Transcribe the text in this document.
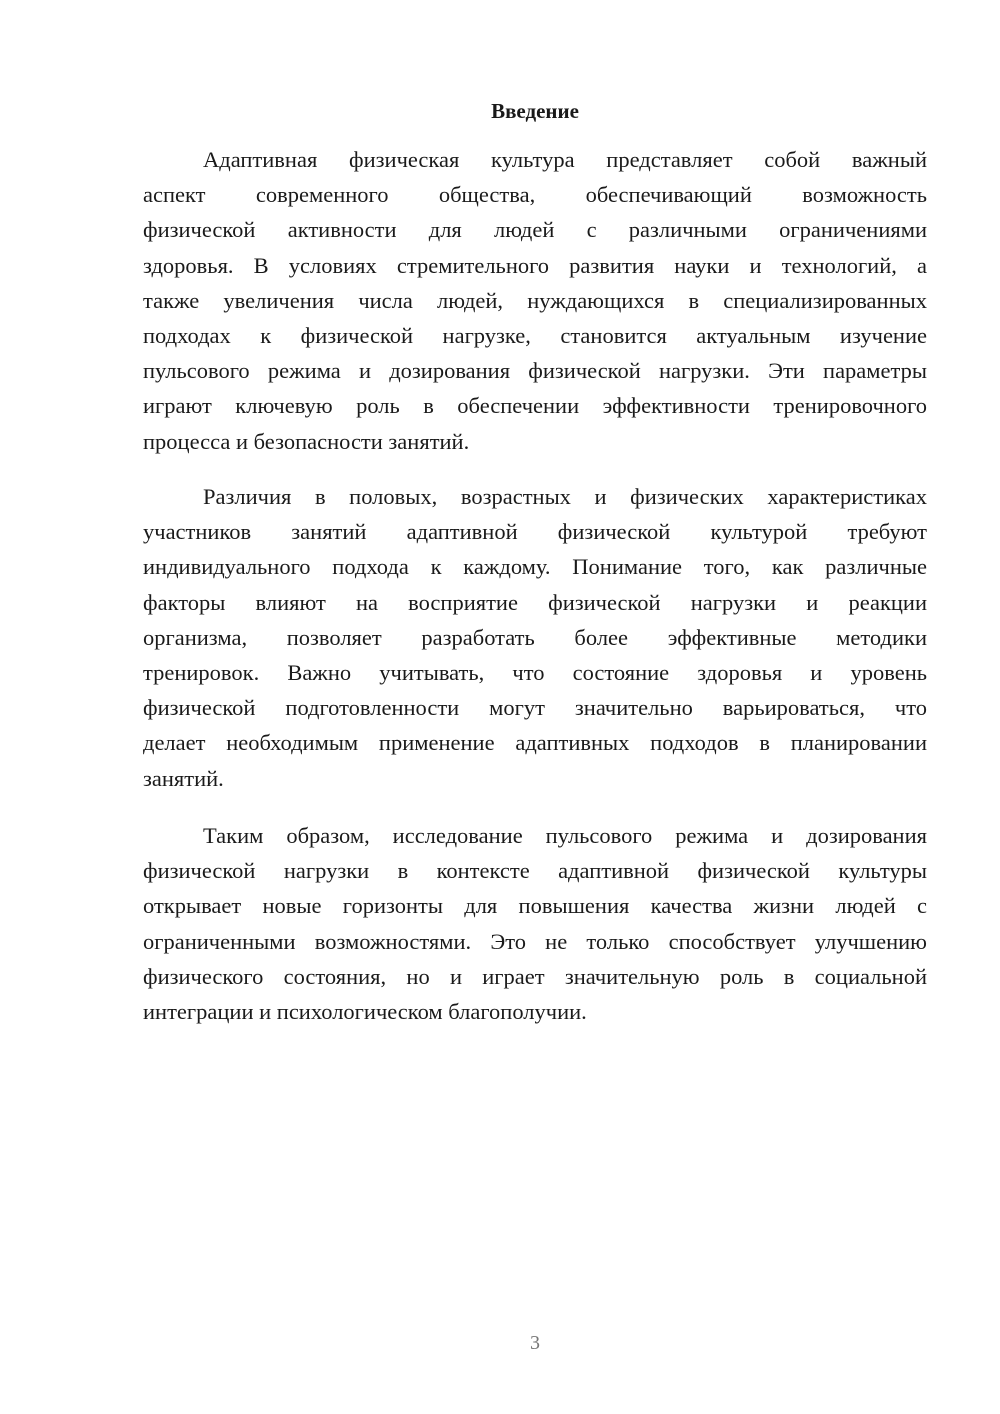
Введение
Адаптивная физическая культура представляет собой важный
аспект современного общества, обеспечивающий возможность
физической активности для людей с различными ограничениями
здоровья. В условиях стремительного развития науки и технологий, а
также увеличения числа людей, нуждающихся в специализированных
подходах к физической нагрузке, становится актуальным изучение
пульсового режима и дозирования физической нагрузки. Эти параметры
играют ключевую роль в обеспечении эффективности тренировочного
процесса и безопасности занятий.
Различия в половых, возрастных и физических характеристиках
участников занятий адаптивной физической культурой требуют
индивидуального подхода к каждому. Понимание того, как различные
факторы влияют на восприятие физической нагрузки и реакции
организма, позволяет разработать более эффективные методики
тренировок. Важно учитывать, что состояние здоровья и уровень
физической подготовленности могут значительно варьироваться, что
делает необходимым применение адаптивных подходов в планировании
занятий.
Таким образом, исследование пульсового режима и дозирования
физической нагрузки в контексте адаптивной физической культуры
открывает новые горизонты для повышения качества жизни людей с
ограниченными возможностями. Это не только способствует улучшению
физического состояния, но и играет значительную роль в социальной
интеграции и психологическом благополучии.
3
